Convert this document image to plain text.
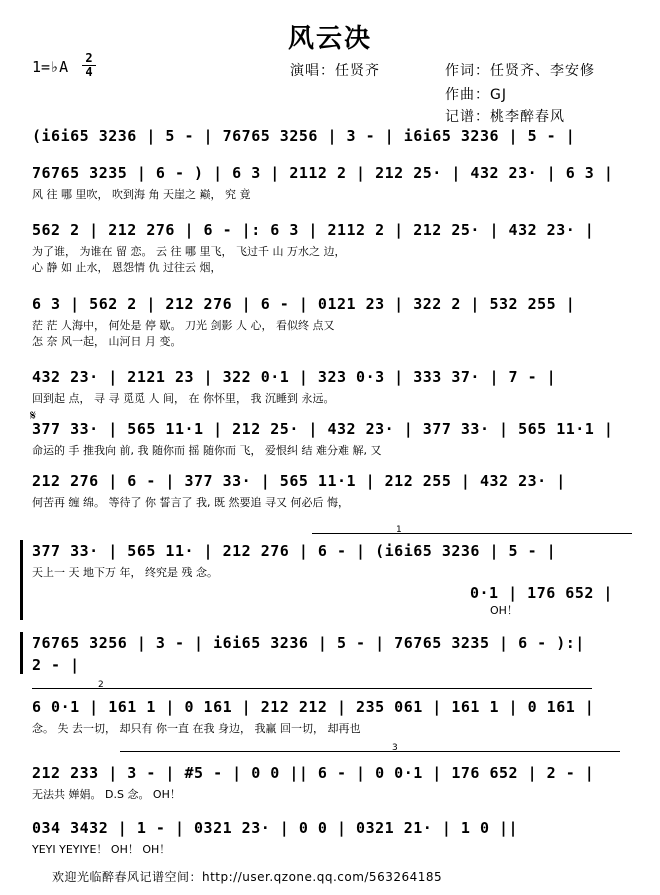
风云决
1=♭A 2
4	演唱：任贤齐	作词：任贤齐、李安修
作曲：GJ
记谱：桃李醉春风
(i6i65 3236 | 5 - | 76765 3256 | 3 - | i6i65 3236 | 5 - |
76765 3235 | 6 - ) | 6 3 | 2112 2 | 212 25· | 432 23· | 6 3 |
风 往 哪 里吹， 吹到海 角 天崖之 巅， 究 竟
562 2 | 212 276 | 6 - |: 6 3 | 2112 2 | 212 25· | 432 23· |
为了谁， 为谁在 留 恋。 云 往 哪 里飞， 飞过千 山 万水之 边，
心 静 如 止水， 恩怨情 仇 过往云 烟，
6 3 | 562 2 | 212 276 | 6 - | 0121 23 | 322 2 | 532 255 |
茫 茫 人海中， 何处是 停 歇。 刀光 剑影 人 心， 看似终 点又
怎 奈 风一起， 山河日 月 变。
432 23· | 2121 23 | 322 0·1 | 323 0·3 | 333 37· | 7 - |
回到起 点， 寻 寻 觅觅 人 间， 在 你怀里， 我 沉睡到 永远。
𝄋
377 33· | 565 11·1 | 212 25· | 432 23· | 377 33· | 565 11·1 |
命运的 手 推我向 前, 我 随你而 摇 随你而 飞， 爱恨纠 结 难分难 解, 又
212 276 | 6 - | 377 33· | 565 11·1 | 212 255 | 432 23· |
何苦再 缠 绵。 等待了 你 誓言了 我, 既 然要追 寻又 何必后 悔，
1
377 33· | 565 11· | 212 276 | 6 - | (i6i65 3236 | 5 - |
天上一 天 地下万 年， 终究是 残 念。
0·1 | 176 652 |
OH！
76765 3256 | 3 - | i6i65 3236 | 5 - | 76765 3235 | 6 - ):|
2 - |
2
6 0·1 | 161 1 | 0 161 | 212 212 | 235 061 | 161 1 | 0 161 |
念。 失 去一切， 却只有 你一直 在我 身边， 我赢 回一切， 却再也
3
212 233 | 3 - | #5 - | 0 0 || 6 - | 0 0·1 | 176 652 | 2 - |
无法共 婵娟。 D.S 念。 OH！
034 3432 | 1 - | 0321 23· | 0 0 | 0321 21· | 1 0 ||
YEYI YEYIYE！ OH！ OH！
欢迎光临醉春风记谱空间：http://user.qzone.qq.com/563264185
